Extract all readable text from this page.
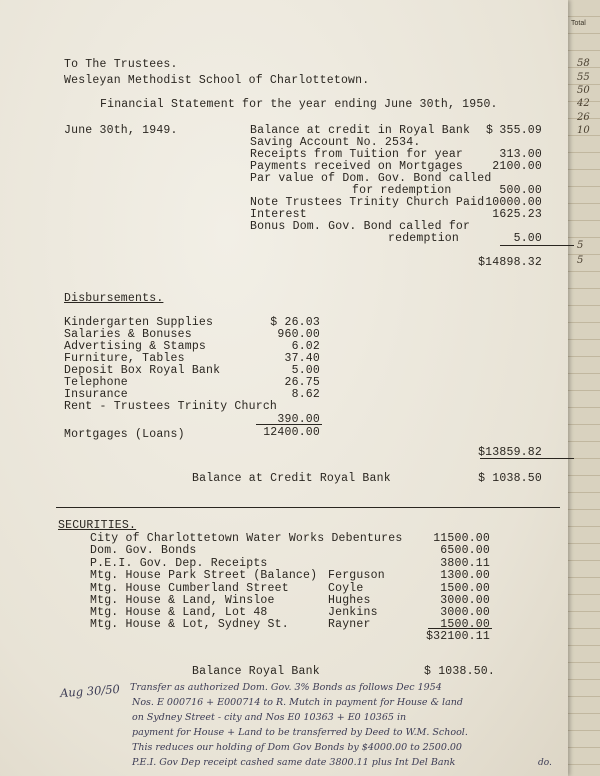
Total
58
55
50
42
26
10
5
5
To The Trustees.
Wesleyan Methodist School of Charlottetown.
Financial Statement for the year ending June 30th, 1950.
June 30th, 1949.	$
Balance at credit in Royal Bank	355.09
Saving Account No. 2534.
Receipts from Tuition for year	313.00
Payments received on Mortgages	2100.00
Par value of Dom. Gov. Bond called
for redemption	500.00
Note Trustees Trinity Church Paid 10000.00
Interest	1625.23
Bonus Dom. Gov. Bond called for
redemption	5.00
$14898.32
Disbursements.
Kindergarten Supplies	$ 26.03
Salaries & Bonuses	960.00
Advertising & Stamps	6.02
Furniture, Tables	37.40
Deposit Box Royal Bank	5.00
Telephone	26.75
Insurance	8.62
Rent - Trustees Trinity Church
390.00
Mortgages (Loans)	12400.00
$13859.82
Balance at Credit Royal Bank	$ 1038.50
SECURITIES.
City of Charlottetown Water Works Debentures	11500.00
Dom. Gov. Bonds	6500.00
P.E.I. Gov. Dep. Receipts	3800.11
Mtg. House Park Street (Balance) Ferguson	1300.00
Mtg. House Cumberland Street	Coyle	1500.00
Mtg. House & Land, Winsloe	Hughes	3000.00
Mtg. House & Land, Lot 48	Jenkins	3000.00
Mtg. House & Lot, Sydney St.	Rayner	1500.00
$32100.11
Balance Royal Bank	$ 1038.50.
Aug 30/50 Transfer as authorized Dom. Gov. 3% Bonds as follows Dec 1954
Nos. E 000716 + E000714 to R. Mutch in payment for House & land
on Sydney Street - city and Nos E0 10363 + E0 10365 in
payment for House + Land to be transferred by Deed to W.M. School.
This reduces our holding of Dom Gov Bonds by $4000.00 to 2500.00
P.E.I. Gov Dep receipt cashed same date 3800.11 plus Int Del Bank	do.
